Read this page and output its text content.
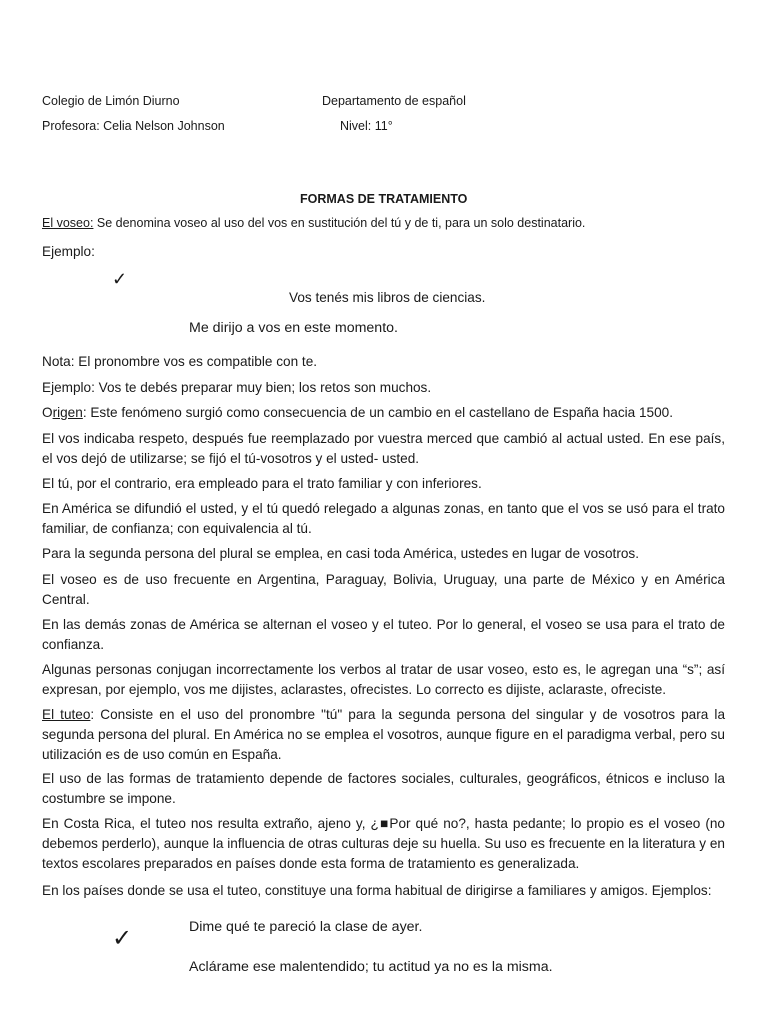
Colegio de Limón Diurno	Departamento de español
Profesora: Celia Nelson Johnson	Nivel: 11°
FORMAS DE TRATAMIENTO
El voseo: Se denomina voseo al uso del vos en sustitución del tú y de ti, para un solo destinatario.
Ejemplo:
✓
Vos tenés mis libros de ciencias.
Me dirijo a vos en este momento.
Nota: El pronombre vos es compatible con te.
Ejemplo: Vos te debés preparar muy bien; los retos son muchos.
Origen: Este fenómeno surgió como consecuencia de un cambio en el castellano de España hacia 1500.
El vos indicaba respeto, después fue reemplazado por vuestra merced que cambió al actual usted. En ese país, el vos dejó de utilizarse; se fijó el tú-vosotros y el usted- usted.
El tú, por el contrario, era empleado para el trato familiar y con inferiores.
En América se difundió el usted, y el tú quedó relegado a algunas zonas, en tanto que el vos se usó para el trato familiar, de confianza; con equivalencia al tú.
Para la segunda persona del plural se emplea, en casi toda América, ustedes en lugar de vosotros.
El voseo es de uso frecuente en Argentina, Paraguay, Bolivia, Uruguay, una parte de México y en América Central.
En las demás zonas de América se alternan el voseo y el tuteo. Por lo general, el voseo se usa para el trato de confianza.
Algunas personas conjugan incorrectamente los verbos al tratar de usar voseo, esto es, le agregan una “s”; así expresan, por ejemplo, vos me dijistes, aclarastes, ofrecistes. Lo correcto es dijiste, aclaraste, ofreciste.
El tuteo: Consiste en el uso del pronombre "tú" para la segunda persona del singular y de vosotros para la segunda persona del plural. En América no se emplea el vosotros, aunque figure en el paradigma verbal, pero su utilización es de uso común en España.
El uso de las formas de tratamiento depende de factores sociales, culturales, geográficos, étnicos e incluso la costumbre se impone.
En Costa Rica, el tuteo nos resulta extraño, ajeno y, ¿■Por qué no?, hasta pedante; lo propio es el voseo (no debemos perderlo), aunque la influencia de otras culturas deje su huella. Su uso es frecuente en la literatura y en textos escolares preparados en países donde esta forma de tratamiento es generalizada.
En los países donde se usa el tuteo, constituye una forma habitual de dirigirse a familiares y amigos. Ejemplos:
✓	Dime qué te pareció la clase de ayer.
Aclárame ese malentendido; tu actitud ya no es la misma.
